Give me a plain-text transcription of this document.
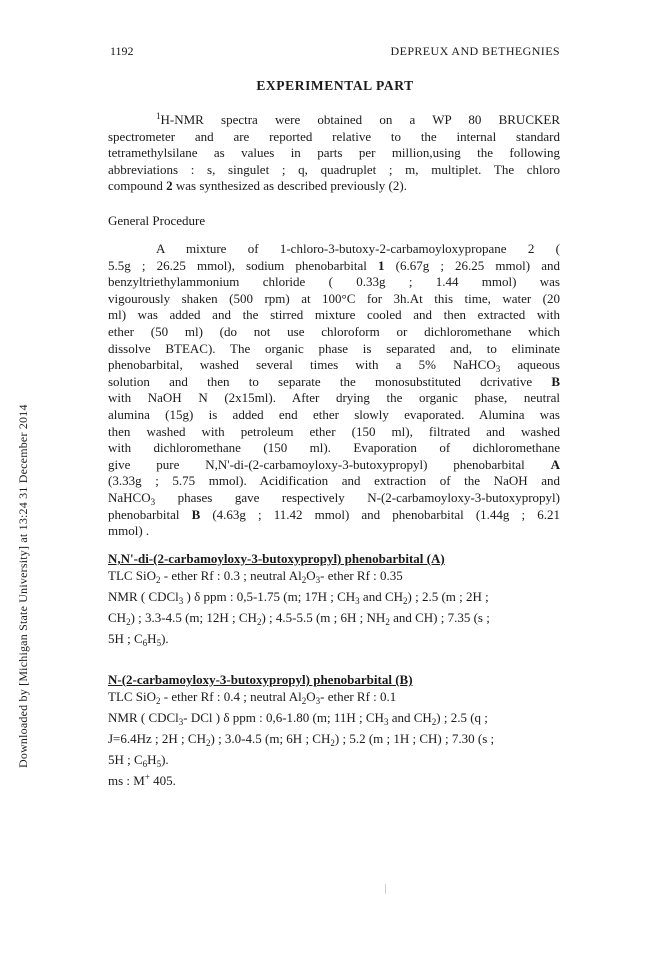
Downloaded by [Michigan State University] at 13:24 31 December 2014
1192	DEPREUX AND BETHEGNIES
EXPERIMENTAL PART
$^1$H-NMR spectra were obtained on a WP 80 BRUCKER
spectrometer and are reported relative to the internal standard
tetramethylsilane as values in parts per million,using the following
abbreviations : s, singulet ; q, quadruplet ; m, multiplet. The chloro
compound 2 was synthesized as described previously (2).
General Procedure
A mixture of 1-chloro-3-butoxy-2-carbamoyloxypropane 2 (
5.5g ; 26.25 mmol), sodium phenobarbital 1 (6.67g ; 26.25 mmol) and
benzyltriethylammonium chloride ( 0.33g ; 1.44 mmol) was
vigourously shaken (500 rpm) at 100°C for 3h.At this time, water (20
ml) was added and the stirred mixture cooled and then extracted with
ether (50 ml) (do not use chloroform or dichloromethane which
dissolve BTEAC). The organic phase is separated and, to eliminate
phenobarbital, washed several times with a 5% NaHCO$_3$ aqueous
solution and then to separate the monosubstituted dcrivative B
with NaOH N (2x15ml). After drying the organic phase, neutral
alumina (15g) is added end ether slowly evaporated. Alumina was
then washed with petroleum ether (150 ml), filtrated and washed
with dichloromethane (150 ml). Evaporation of dichloromethane
give pure N,N'-di-(2-carbamoyloxy-3-butoxypropyl) phenobarbital A
(3.33g ; 5.75 mmol). Acidification and extraction of the NaOH and
NaHCO$_3$ phases gave respectively N-(2-carbamoyloxy-3-butoxypropyl)
phenobarbital B (4.63g ; 11.42 mmol) and phenobarbital (1.44g ; 6.21
mmol) .
N,N'-di-(2-carbamoyloxy-3-butoxypropyl) phenobarbital (A)
TLC SiO$_2$ - ether Rf : 0.3 ; neutral $Al_2O_3-$ ether Rf : 0.35
NMR ( CDCl$_3$ ) δ ppm : 0,5-1.75 (m; 17H ; $CH_3$ and $CH_2$) ; 2.5 (m ; 2H ;
$CH_2$) ; 3.3-4.5 (m; 12H ; $CH_2$) ; 4.5-5.5 (m ; 6H ; $NH_2$ and CH) ; 7.35 (s ;
5H ; $C_6H_5$).
N-(2-carbamoyloxy-3-butoxypropyl) phenobarbital (B)
TLC SiO$_2$ - ether Rf : 0.4 ; neutral $Al_2O_3-$ ether Rf : 0.1
NMR ( CDCl$_3$- DCl ) δ ppm : 0,6-1.80 (m; 11H ; $CH_3$ and $CH_2$) ; 2.5 (q ;
J=6.4Hz ; 2H ; $CH_2$) ; 3.0-4.5 (m; 6H ; $CH_2$) ; 5.2 (m ; 1H ; CH) ; 7.30 (s ;
5H ; $C_6H_5$).
ms : M+ 405.
